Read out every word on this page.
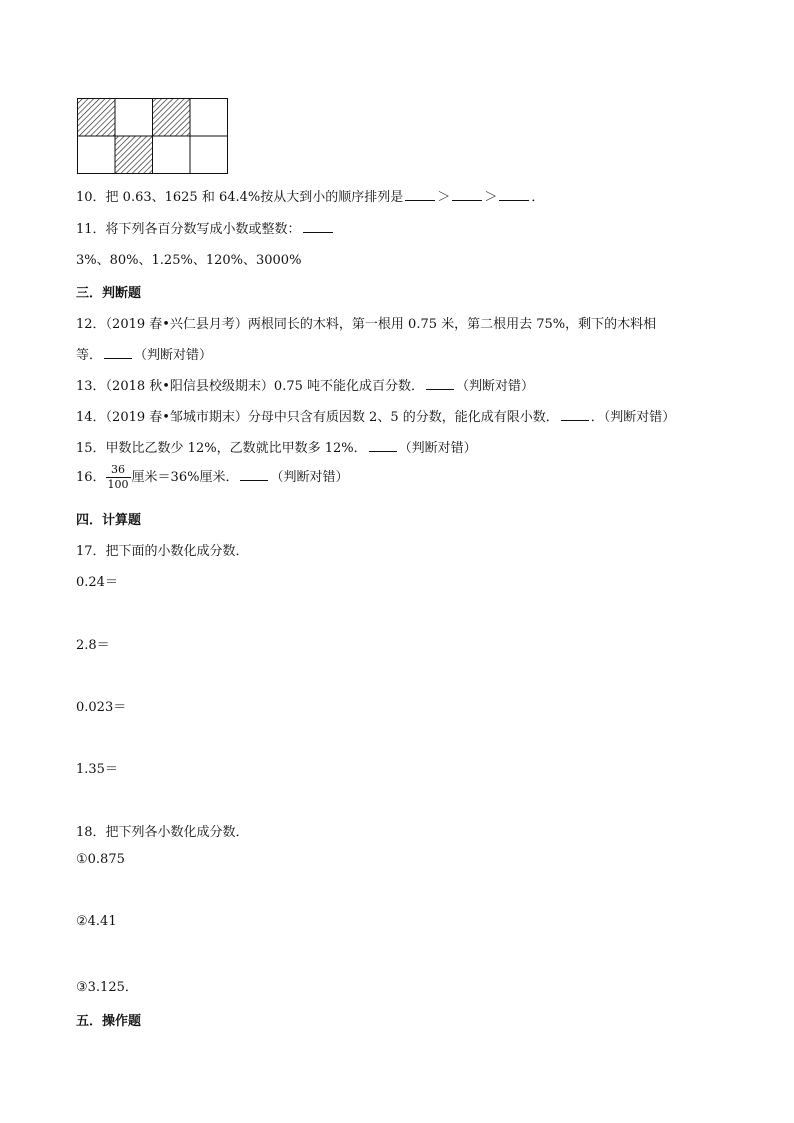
10．把 0.63、1625 和 64.4%按从大到小的顺序排列是	＞	＞	．
11．将下列各百分数写成小数或整数：
3%、80%、1.25%、120%、3000%
三．判断题
12．（2019 春•兴仁县月考）两根同长的木料，第一根用 0.75 米，第二根用去 75%，剩下的木料相
等． （判断对错）
13．（2018 秋•阳信县校级期末）0.75 吨不能化成百分数． （判断对错）
14．（2019 春•邹城市期末）分母中只含有质因数 2、5 的分数，能化成有限小数． ．（判断对错）
15．甲数比乙数少 12%，乙数就比甲数多 12%． （判断对错）
16． $\frac{36}{100}$ 厘米＝36%厘米． （判断对错）
四．计算题
17．把下面的小数化成分数．
0.24＝
2.8＝
0.023＝
1.35＝
18．把下列各小数化成分数．
①0.875
②4.41
③3.125．
五．操作题
